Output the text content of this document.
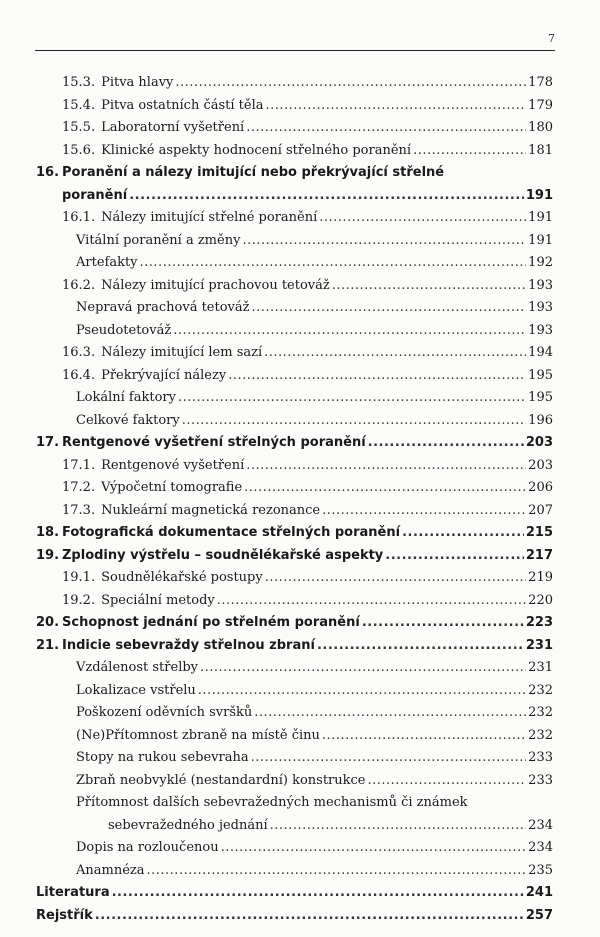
7
15.3. Pitva hlavy .....	178
15.4. Pitva ostatních částí těla .....	179
15.5. Laboratorní vyšetření .....	180
15.6. Klinické aspekty hodnocení střelného poranění .....	181
16. Poranění a nálezy imitující nebo překrývající střelné
poranění .....	191
16.1. Nálezy imitující střelné poranění .....	191
Vitální poranění a změny .....	191
Artefakty .....	192
16.2. Nálezy imitující prachovou tetováž .....	193
Nepravá prachová tetováž .....	193
Pseudotetováž .....	193
16.3. Nálezy imitující lem sazí .....	194
16.4. Překrývající nálezy .....	195
Lokální faktory .....	195
Celkové faktory .....	196
17. Rentgenové vyšetření střelných poranění .....	203
17.1. Rentgenové vyšetření .....	203
17.2. Výpočetní tomografie .....	206
17.3. Nukleární magnetická rezonance .....	207
18. Fotografická dokumentace střelných poranění .....	215
19. Zplodiny výstřelu – soudnělékařské aspekty .....	217
19.1. Soudnělékařské postupy .....	219
19.2. Speciální metody .....	220
20. Schopnost jednání po střelném poranění .....	223
21. Indicie sebevraždy střelnou zbraní .....	231
Vzdálenost střelby .....	231
Lokalizace vstřelu .....	232
Poškození oděvních svršků .....	232
(Ne)Přítomnost zbraně na místě činu .....	232
Stopy na rukou sebevraha .....	233
Zbraň neobvyklé (nestandardní) konstrukce .....	233
Přítomnost dalších sebevražedných mechanismů či známek
sebevražedného jednání .....	234
Dopis na rozloučenou .....	234
Anamnéza .....	235
Literatura .....	241
Rejstřík .....	257
